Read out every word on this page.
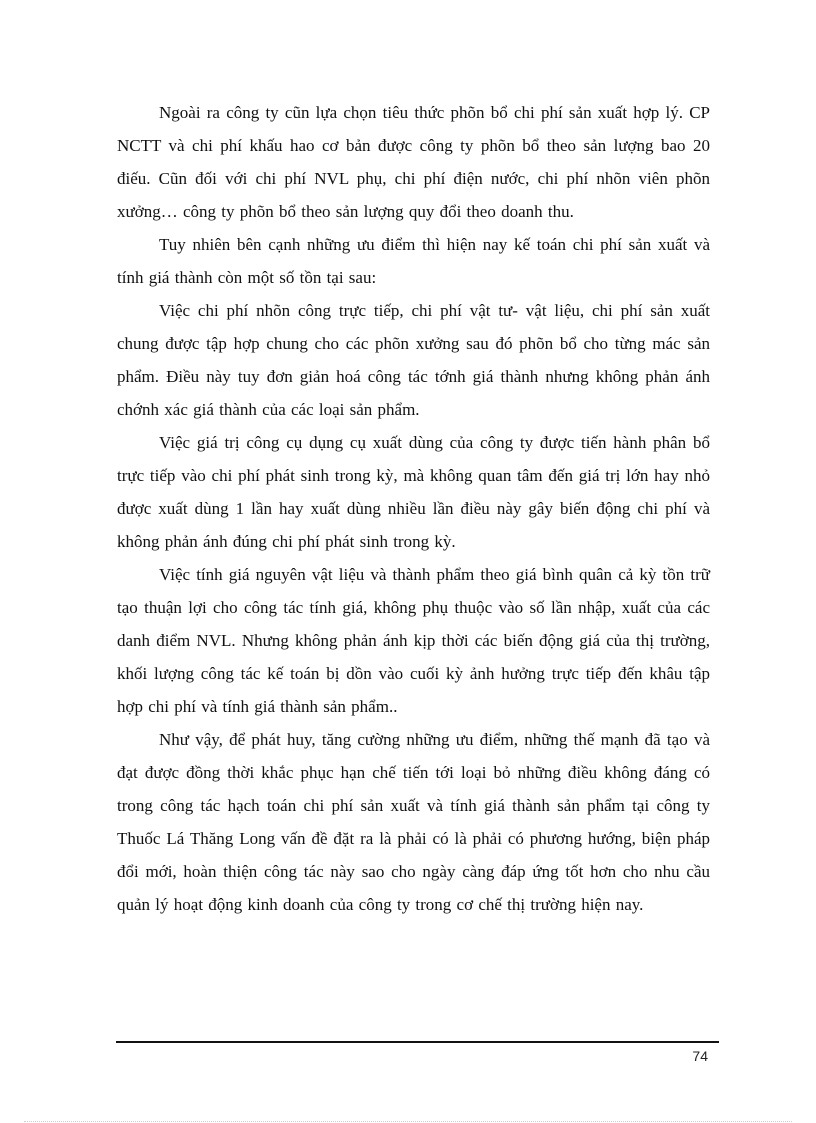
Ngoài ra công ty cũn lựa chọn tiêu thức phõn bổ chi phí sản xuất hợp lý. CP NCTT và chi phí khấu hao cơ bản được công ty phõn bổ theo sản lượng bao 20 điếu. Cũn đối với chi phí NVL phụ, chi phí điện nước, chi phí nhõn viên phõn xưởng… công ty phõn bổ theo sản lượng quy đổi theo doanh thu.

Tuy nhiên bên cạnh những ưu điểm thì hiện nay kế toán chi phí sản xuất và tính giá thành còn một số tồn tại sau:

Việc chi phí nhõn công trực tiếp, chi phí vật tư- vật liệu, chi phí sản xuất chung được tập hợp chung cho các phõn xưởng sau đó phõn bổ cho từng mác sản phẩm. Điều này tuy đơn giản hoá công tác tớnh giá thành nhưng không phản ánh chớnh xác giá thành của các loại sản phẩm.

Việc giá trị công cụ dụng cụ xuất dùng của công ty được tiến hành phân bổ trực tiếp vào chi phí phát sinh trong kỳ, mà không quan tâm đến giá trị lớn hay nhỏ được xuất dùng 1 lần hay xuất dùng nhiều lần điều này gây biến động chi phí và không phản ánh đúng chi phí phát sinh trong kỳ.

Việc tính giá nguyên vật liệu và thành phẩm theo giá bình quân cả kỳ tồn trữ tạo thuận lợi cho công tác tính giá, không phụ thuộc vào số lần nhập, xuất của các danh điểm NVL. Nhưng không phản ánh kịp thời các biến động giá của thị trường, khối lượng công tác kế toán bị dồn vào cuối kỳ ảnh hưởng trực tiếp đến khâu tập hợp chi phí và tính giá thành sản phẩm..

Như vậy, để phát huy, tăng cường những ưu điểm, những thế mạnh đã tạo và đạt được đồng thời khắc phục hạn chế tiến tới loại bỏ những điều không đáng có trong công tác hạch toán chi phí sản xuất và tính giá thành sản phẩm tại công ty Thuốc Lá Thăng Long vấn đề đặt ra là phải có là phải có phương hướng, biện pháp đổi mới, hoàn thiện công tác này sao cho ngày càng đáp ứng tốt hơn cho nhu cầu quản lý hoạt động kinh doanh của công ty trong cơ chế thị trường hiện nay.

74
